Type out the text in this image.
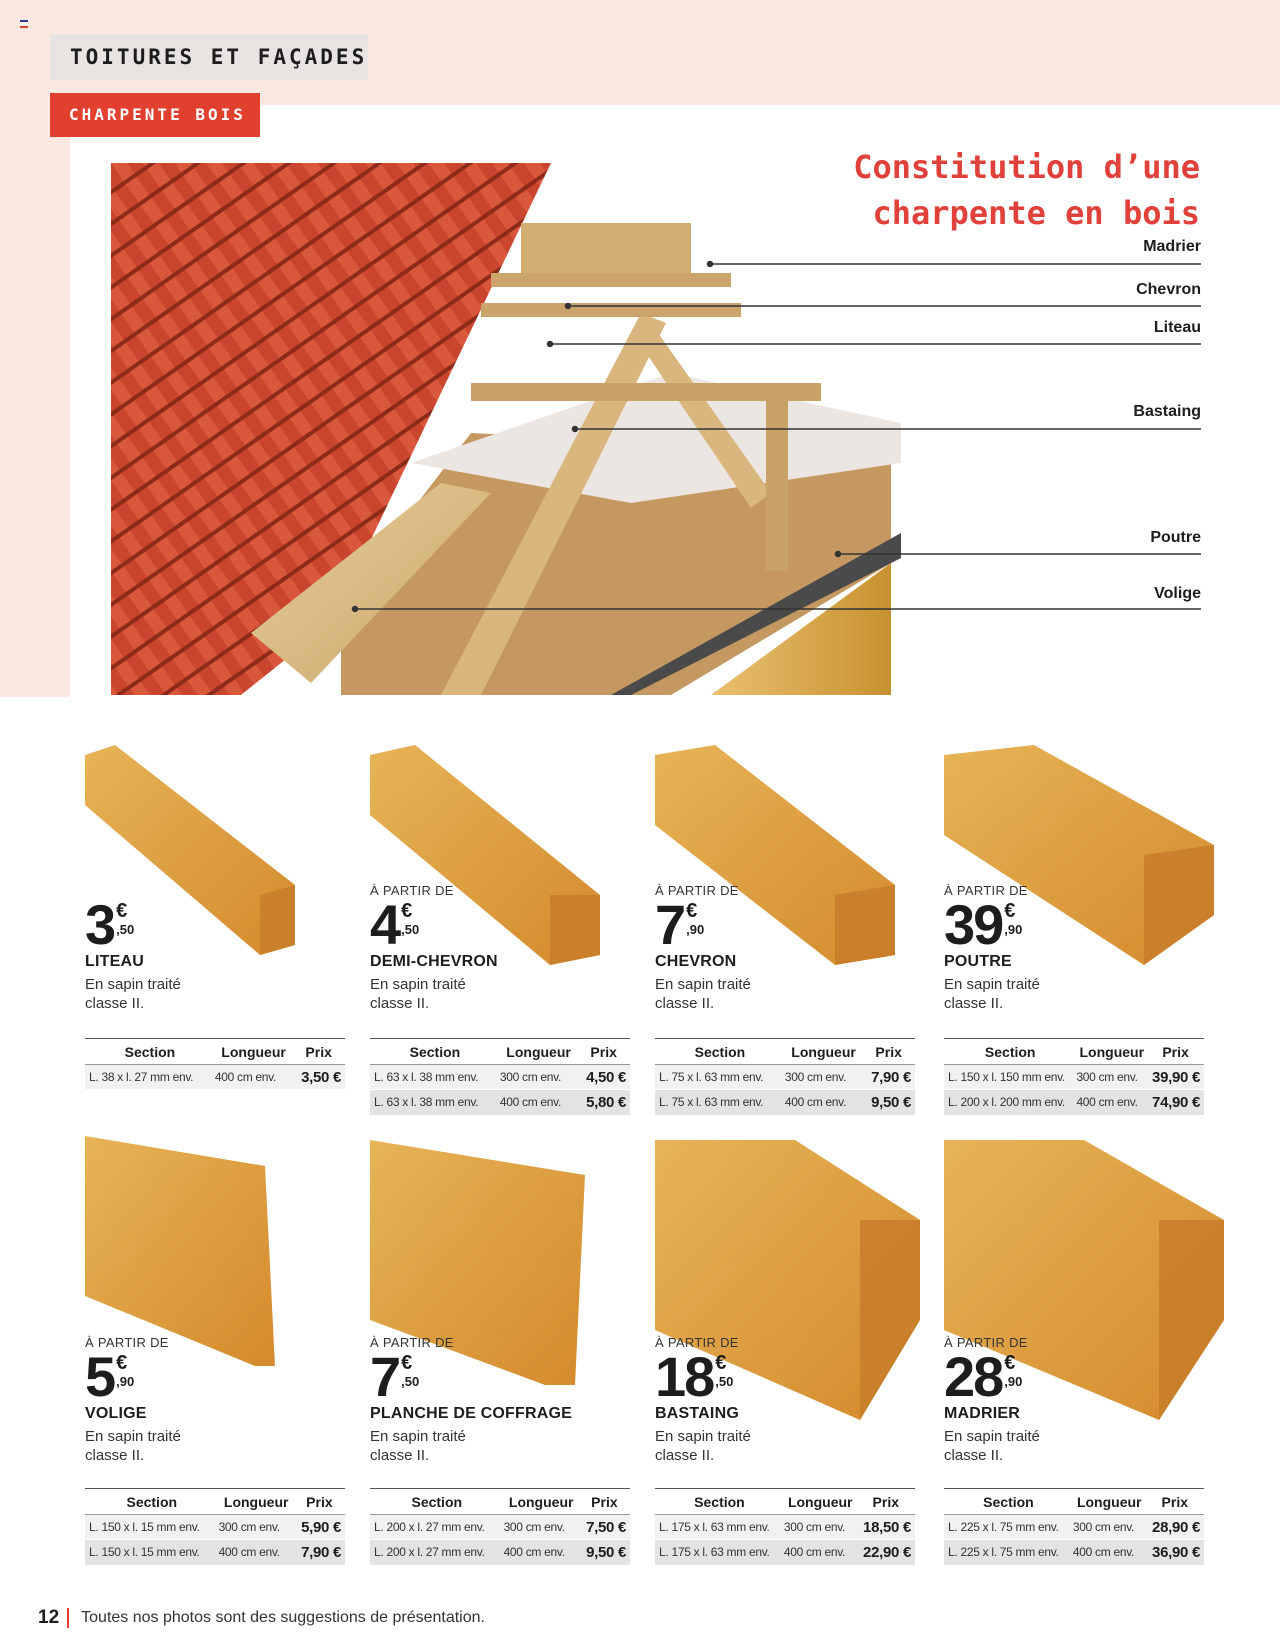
TOITURES ET FAÇADES
CHARPENTE BOIS
Constitution d’une
charpente en bois
Madrier
Chevron
Liteau
Bastaing
Poutre
Volige
3 €
,50
LITEAU
En sapin traité
classe II.
Section	Longueur	Prix
L. 38 x l. 27 mm env.	400 cm env.	3,50 €
À PARTIR DE
4 €
,50
DEMI-CHEVRON
En sapin traité
classe II.
Section	Longueur	Prix
L. 63 x l. 38 mm env.	300 cm env.	4,50 €
L. 63 x l. 38 mm env.	400 cm env.	5,80 €
À PARTIR DE
7 €
,90
CHEVRON
En sapin traité
classe II.
Section	Longueur	Prix
L. 75 x l. 63 mm env.	300 cm env.	7,90 €
L. 75 x l. 63 mm env.	400 cm env.	9,50 €
À PARTIR DE
39 €
,90
POUTRE
En sapin traité
classe II.
Section	Longueur	Prix
L. 150 x l. 150 mm env.	300 cm env.	39,90 €
L. 200 x l. 200 mm env.	400 cm env.	74,90 €
À PARTIR DE
5 €
,90
VOLIGE
En sapin traité
classe II.
Section	Longueur	Prix
L. 150 x l. 15 mm env.	300 cm env.	5,90 €
L. 150 x l. 15 mm env.	400 cm env.	7,90 €
À PARTIR DE
7 €
,50
PLANCHE DE COFFRAGE
En sapin traité
classe II.
Section	Longueur	Prix
L. 200 x l. 27 mm env.	300 cm env.	7,50 €
L. 200 x l. 27 mm env.	400 cm env.	9,50 €
À PARTIR DE
18 €
,50
BASTAING
En sapin traité
classe II.
Section	Longueur	Prix
L. 175 x l. 63 mm env.	300 cm env.	18,50 €
L. 175 x l. 63 mm env.	400 cm env.	22,90 €
À PARTIR DE
28 €
,90
MADRIER
En sapin traité
classe II.
Section	Longueur	Prix
L. 225 x l. 75 mm env.	300 cm env.	28,90 €
L. 225 x l. 75 mm env.	400 cm env.	36,90 €
12 Toutes nos photos sont des suggestions de présentation.
